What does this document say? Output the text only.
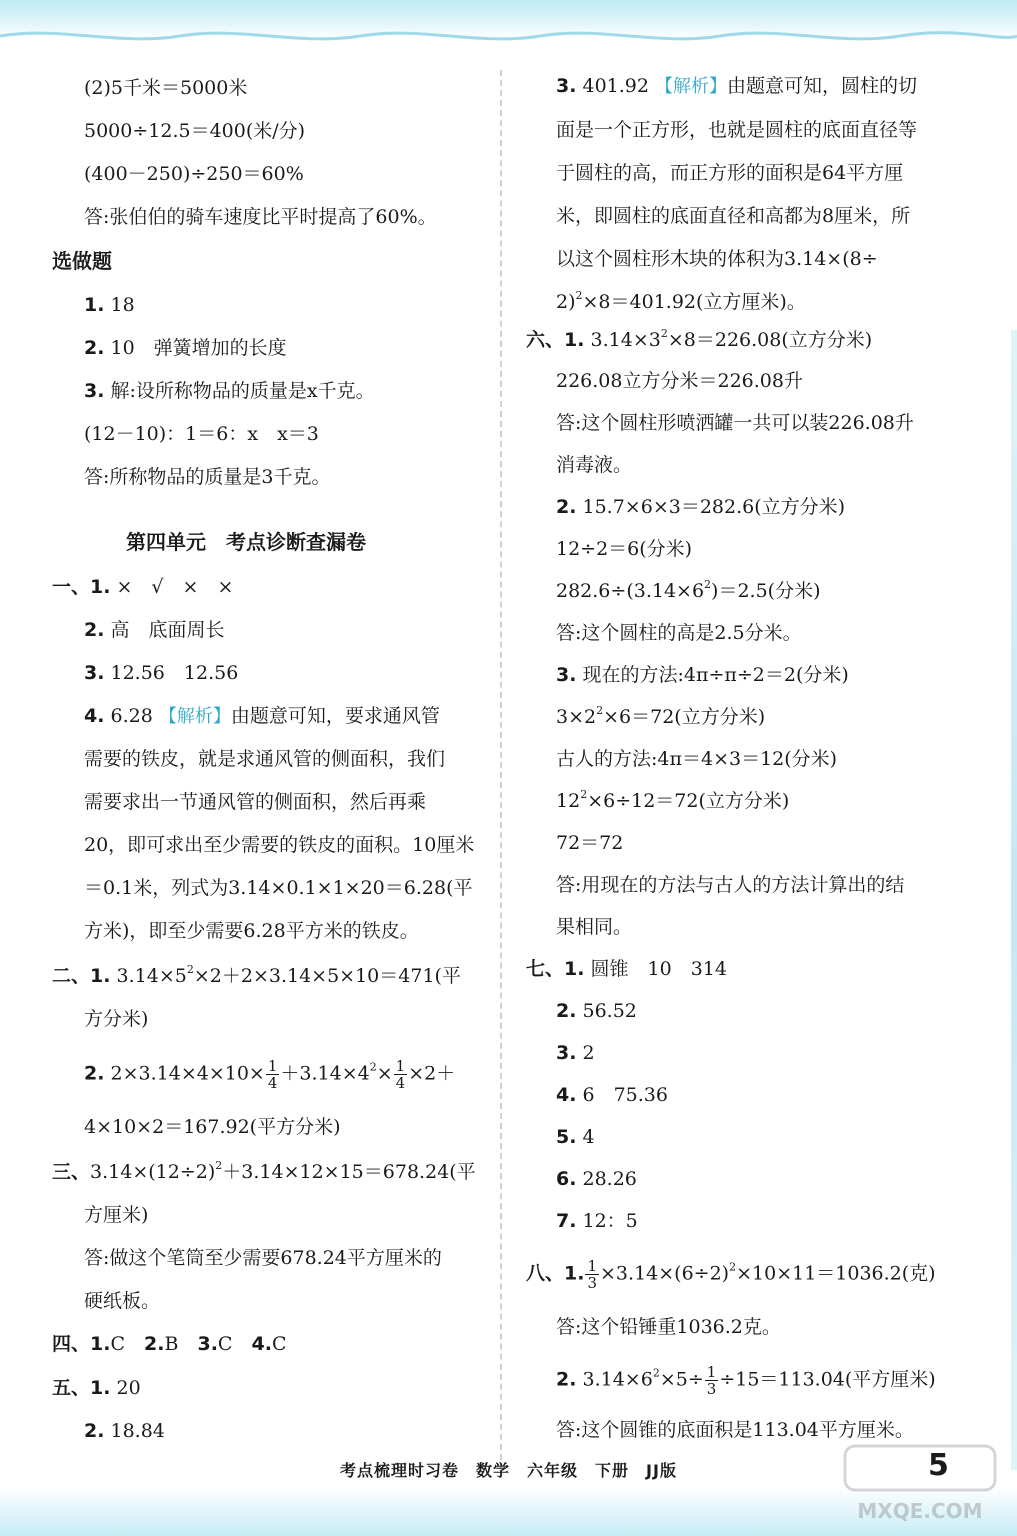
(2)5千米＝5000米
5000÷12.5＝400(米/分)
(400－250)÷250＝60%
答:张伯伯的骑车速度比平时提高了60%。
选做题
1. 18
2. 10　弹簧增加的长度
3. 解:设所称物品的质量是x千克。
(12－10)：1＝6：x　x＝3
答:所称物品的质量是3千克。
第四单元　考点诊断查漏卷
一、1. ×　√　×　×
2. 高　底面周长
3. 12.56　12.56
4. 6.28 【解析】由题意可知，要求通风管
需要的铁皮，就是求通风管的侧面积，我们
需要求出一节通风管的侧面积，然后再乘
20，即可求出至少需要的铁皮的面积。10厘米
＝0.1米，列式为3.14×0.1×1×20＝6.28(平
方米)，即至少需要6.28平方米的铁皮。
二、1. $3.14\times 5^2\times 2+2\times 3.14\times 5\times 10=471$(平
方分米)
2. $2\times 3.14\times 4\times 10\times \frac{1}{4} +3.14\times 4^2\times \frac{1}{4} \times 2+$
4×10×2＝167.92(平方分米)
三、$3.14\times(12\div 2)^2+3.14\times 12\times 15=678.24$(平
方厘米)
答:做这个笔筒至少需要678.24平方厘米的
硬纸板。
四、1.C　 2.B　 3.C　 4.C
五、1. 20
2. 18.84
3. 401.92 【解析】由题意可知，圆柱的切
面是一个正方形，也就是圆柱的底面直径等
于圆柱的高，而正方形的面积是64平方厘
米，即圆柱的底面直径和高都为8厘米，所
以这个圆柱形木块的体积为3.14×(8÷
2)$^2$×8＝401.92(立方厘米)。
六、1. $3.14\times 3^2\times 8=226.08$(立方分米)
226.08立方分米＝226.08升
答:这个圆柱形喷洒罐一共可以装226.08升
消毒液。
2. 15.7×6×3＝282.6(立方分米)
12÷2＝6(分米)
$282.6\div(3.14\times 6^2)=2.5$(分米)
答:这个圆柱的高是2.5分米。
3. 现在的方法:4π÷π÷2＝2(分米)
$3\times 2^2\times 6=72$(立方分米)
古人的方法:4π＝4×3＝12(分米)
$12^2\times 6\div 12=72$(立方分米)
72＝72
答:用现在的方法与古人的方法计算出的结
果相同。
七、1. 圆锥　10　314
2. 56.52
3. 2
4. 6　75.36
5. 4
6. 28.26
7. 12：5
八、1. $\frac{1}{3} \times 3.14\times(6\div 2)^2\times 10\times 11=1036.2$(克)
答:这个铅锤重1036.2克。
2. $3.14\times 6^2\times 5\div \frac{1}{3} \div 15=113.04$(平方厘米)
答:这个圆锥的底面积是113.04平方厘米。
考点梳理时习卷　数学　六年级　下册　JJ版	5
MXQE.COM
